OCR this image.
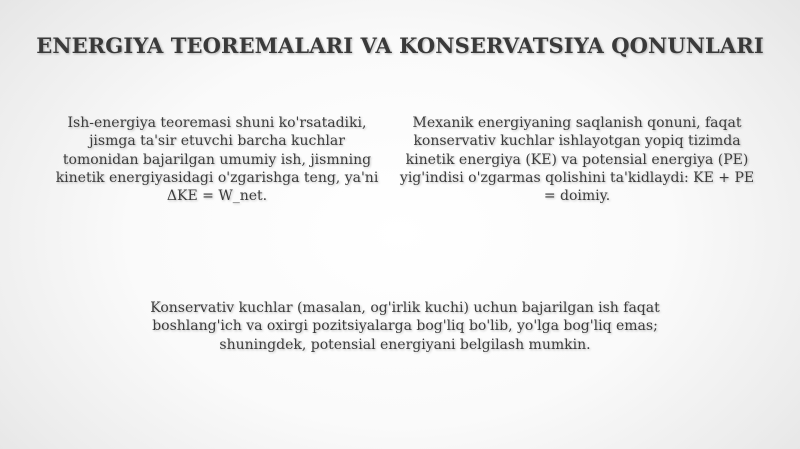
ENERGIYA TEOREMALARI VA KONSERVATSIYA QONUNLARI

Ish-energiya teoremasi shuni ko'rsatadiki, jismga ta'sir etuvchi barcha kuchlar tomonidan bajarilgan umumiy ish, jismning kinetik energiyasidagi o'zgarishga teng, ya'ni ΔKE = W_net.

Mexanik energiyaning saqlanish qonuni, faqat konservativ kuchlar ishlayotgan yopiq tizimda kinetik energiya (KE) va potensial energiya (PE) yig'indisi o'zgarmas qolishini ta'kidlaydi: KE + PE = doimiy.

Konservativ kuchlar (masalan, og'irlik kuchi) uchun bajarilgan ish faqat boshlang'ich va oxirgi pozitsiyalarga bog'liq bo'lib, yo'lga bog'liq emas; shuningdek, potensial energiyani belgilash mumkin.
